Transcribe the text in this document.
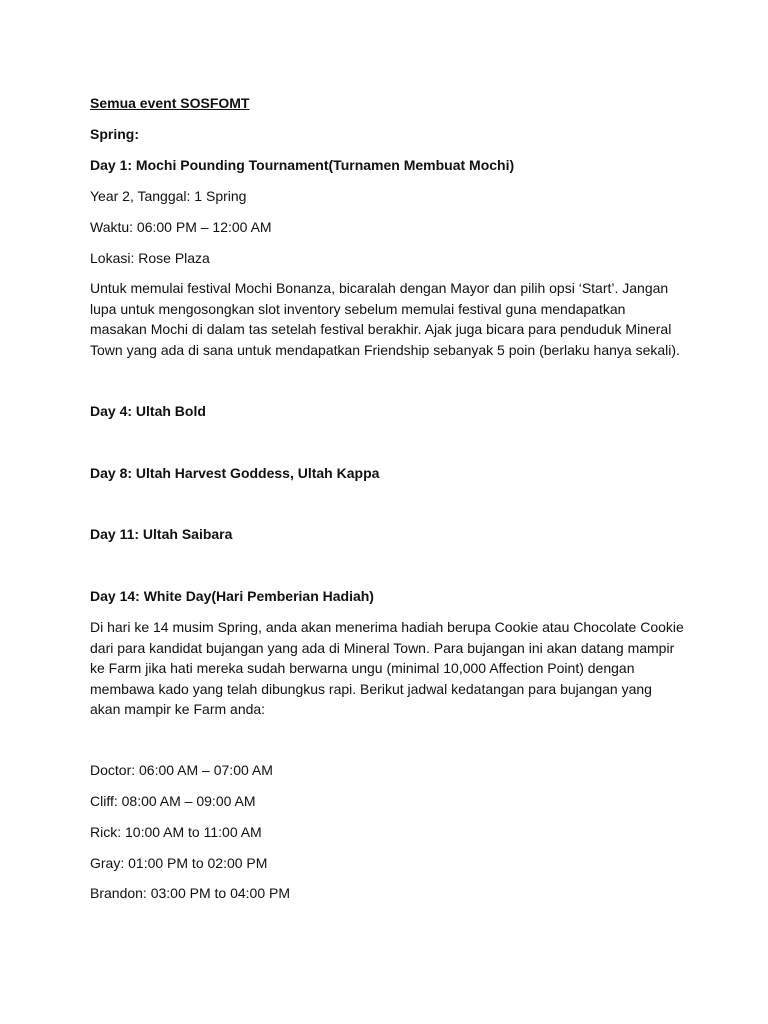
Semua event SOSFOMT

Spring:

Day 1: Mochi Pounding Tournament(Turnamen Membuat Mochi)

Year 2, Tanggal: 1 Spring

Waktu: 06:00 PM – 12:00 AM

Lokasi: Rose Plaza

Untuk memulai festival Mochi Bonanza, bicaralah dengan Mayor dan pilih opsi ‘Start’. Jangan lupa untuk mengosongkan slot inventory sebelum memulai festival guna mendapatkan masakan Mochi di dalam tas setelah festival berakhir. Ajak juga bicara para penduduk Mineral Town yang ada di sana untuk mendapatkan Friendship sebanyak 5 poin (berlaku hanya sekali).

Day 4: Ultah Bold

Day 8: Ultah Harvest Goddess, Ultah Kappa

Day 11: Ultah Saibara

Day 14: White Day(Hari Pemberian Hadiah)

Di hari ke 14 musim Spring, anda akan menerima hadiah berupa Cookie atau Chocolate Cookie dari para kandidat bujangan yang ada di Mineral Town. Para bujangan ini akan datang mampir ke Farm jika hati mereka sudah berwarna ungu (minimal 10,000 Affection Point) dengan membawa kado yang telah dibungkus rapi. Berikut jadwal kedatangan para bujangan yang akan mampir ke Farm anda:

Doctor: 06:00 AM – 07:00 AM

Cliff: 08:00 AM – 09:00 AM

Rick: 10:00 AM to 11:00 AM

Gray: 01:00 PM to 02:00 PM

Brandon: 03:00 PM to 04:00 PM
